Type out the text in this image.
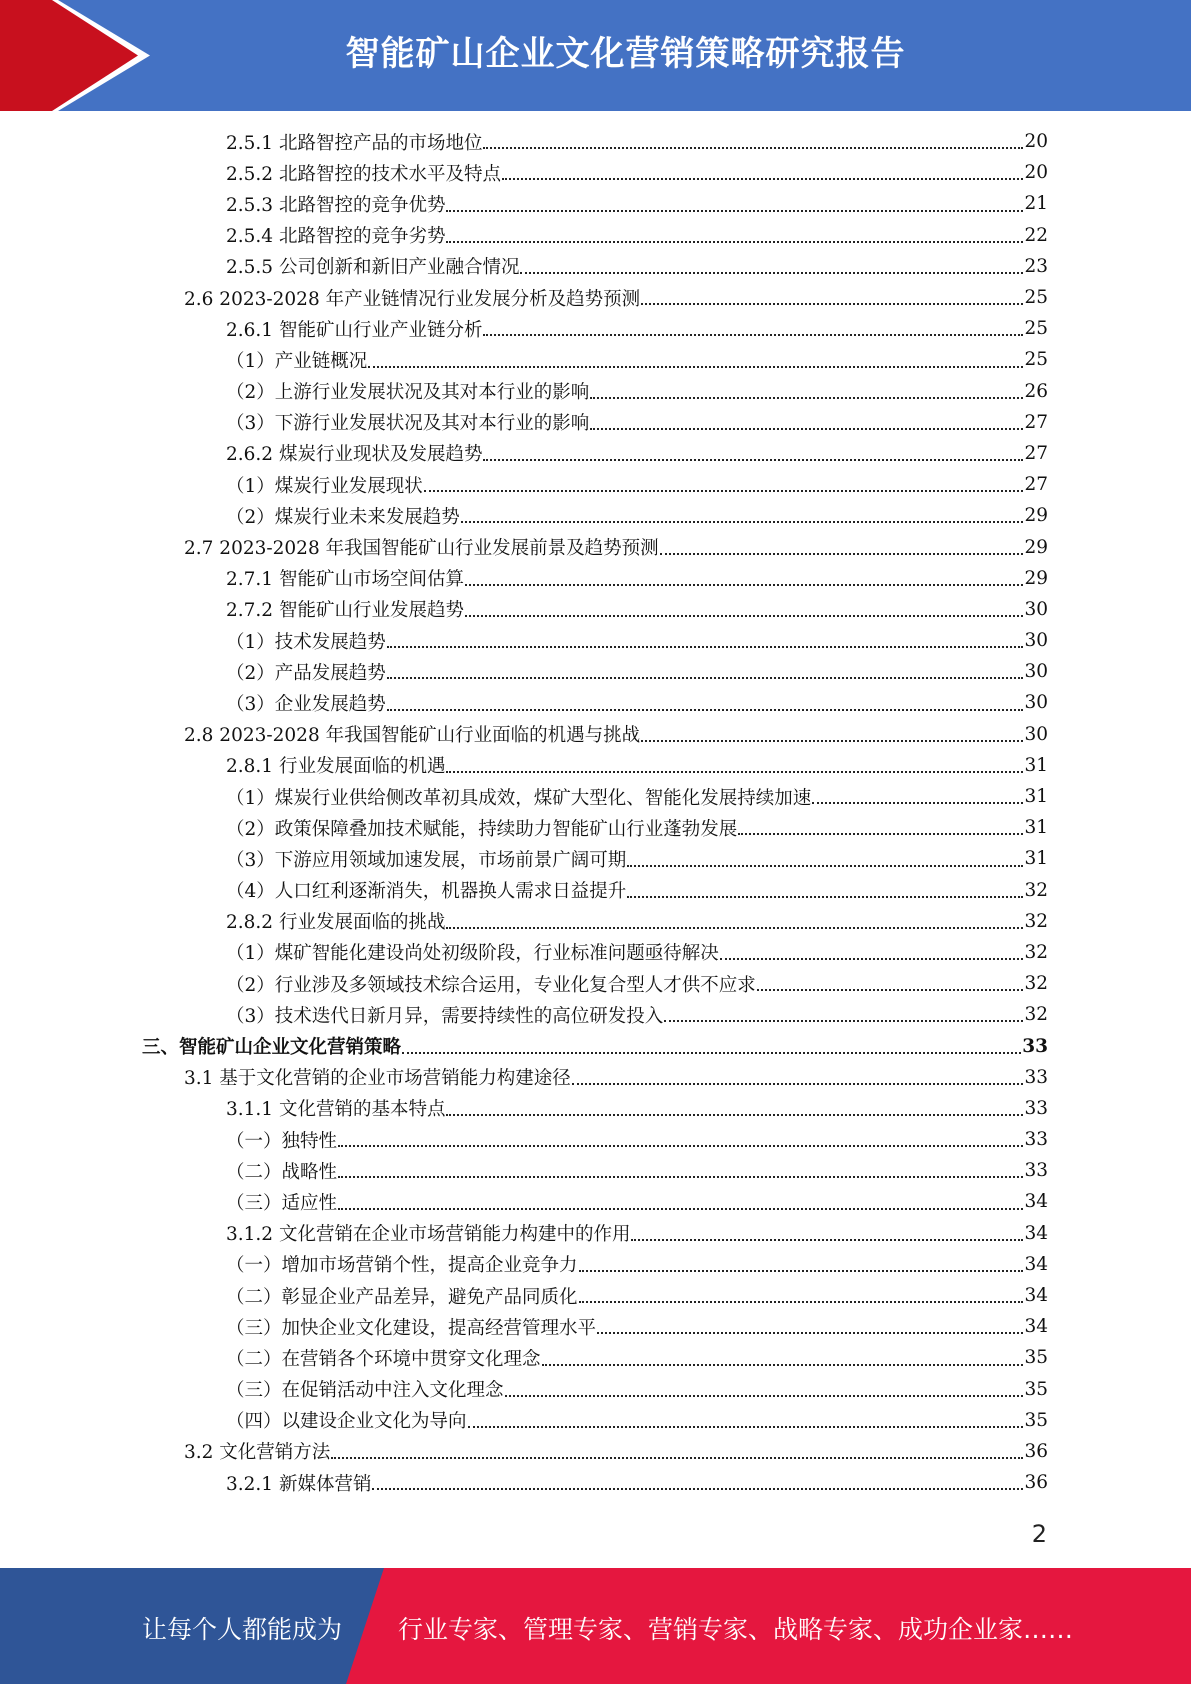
智能矿山企业文化营销策略研究报告
2.5.1 北路智控产品的市场地位	20
2.5.2 北路智控的技术水平及特点	20
2.5.3 北路智控的竞争优势	21
2.5.4 北路智控的竞争劣势	22
2.5.5 公司创新和新旧产业融合情况	23
2.6 2023-2028 年产业链情况行业发展分析及趋势预测	25
2.6.1 智能矿山行业产业链分析	25
（1）产业链概况	25
（2）上游行业发展状况及其对本行业的影响	26
（3）下游行业发展状况及其对本行业的影响	27
2.6.2 煤炭行业现状及发展趋势	27
（1）煤炭行业发展现状	27
（2）煤炭行业未来发展趋势	29
2.7 2023-2028 年我国智能矿山行业发展前景及趋势预测	29
2.7.1 智能矿山市场空间估算	29
2.7.2 智能矿山行业发展趋势	30
（1）技术发展趋势	30
（2）产品发展趋势	30
（3）企业发展趋势	30
2.8 2023-2028 年我国智能矿山行业面临的机遇与挑战	30
2.8.1 行业发展面临的机遇	31
（1）煤炭行业供给侧改革初具成效，煤矿大型化、智能化发展持续加速	31
（2）政策保障叠加技术赋能，持续助力智能矿山行业蓬勃发展	31
（3）下游应用领域加速发展，市场前景广阔可期	31
（4）人口红利逐渐消失，机器换人需求日益提升	32
2.8.2 行业发展面临的挑战	32
（1）煤矿智能化建设尚处初级阶段，行业标准问题亟待解决	32
（2）行业涉及多领域技术综合运用，专业化复合型人才供不应求	32
（3）技术迭代日新月异，需要持续性的高位研发投入	32
三、智能矿山企业文化营销策略	33
3.1 基于文化营销的企业市场营销能力构建途径	33
3.1.1 文化营销的基本特点	33
（一）独特性	33
（二）战略性	33
（三）适应性	34
3.1.2 文化营销在企业市场营销能力构建中的作用	34
（一）增加市场营销个性，提高企业竞争力	34
（二）彰显企业产品差异，避免产品同质化	34
（三）加快企业文化建设，提高经营管理水平	34
（二）在营销各个环境中贯穿文化理念	35
（三）在促销活动中注入文化理念	35
（四）以建设企业文化为导向	35
3.2 文化营销方法	36
3.2.1 新媒体营销	36
2
让每个人都能成为 行业专家、管理专家、营销专家、战略专家、成功企业家……
